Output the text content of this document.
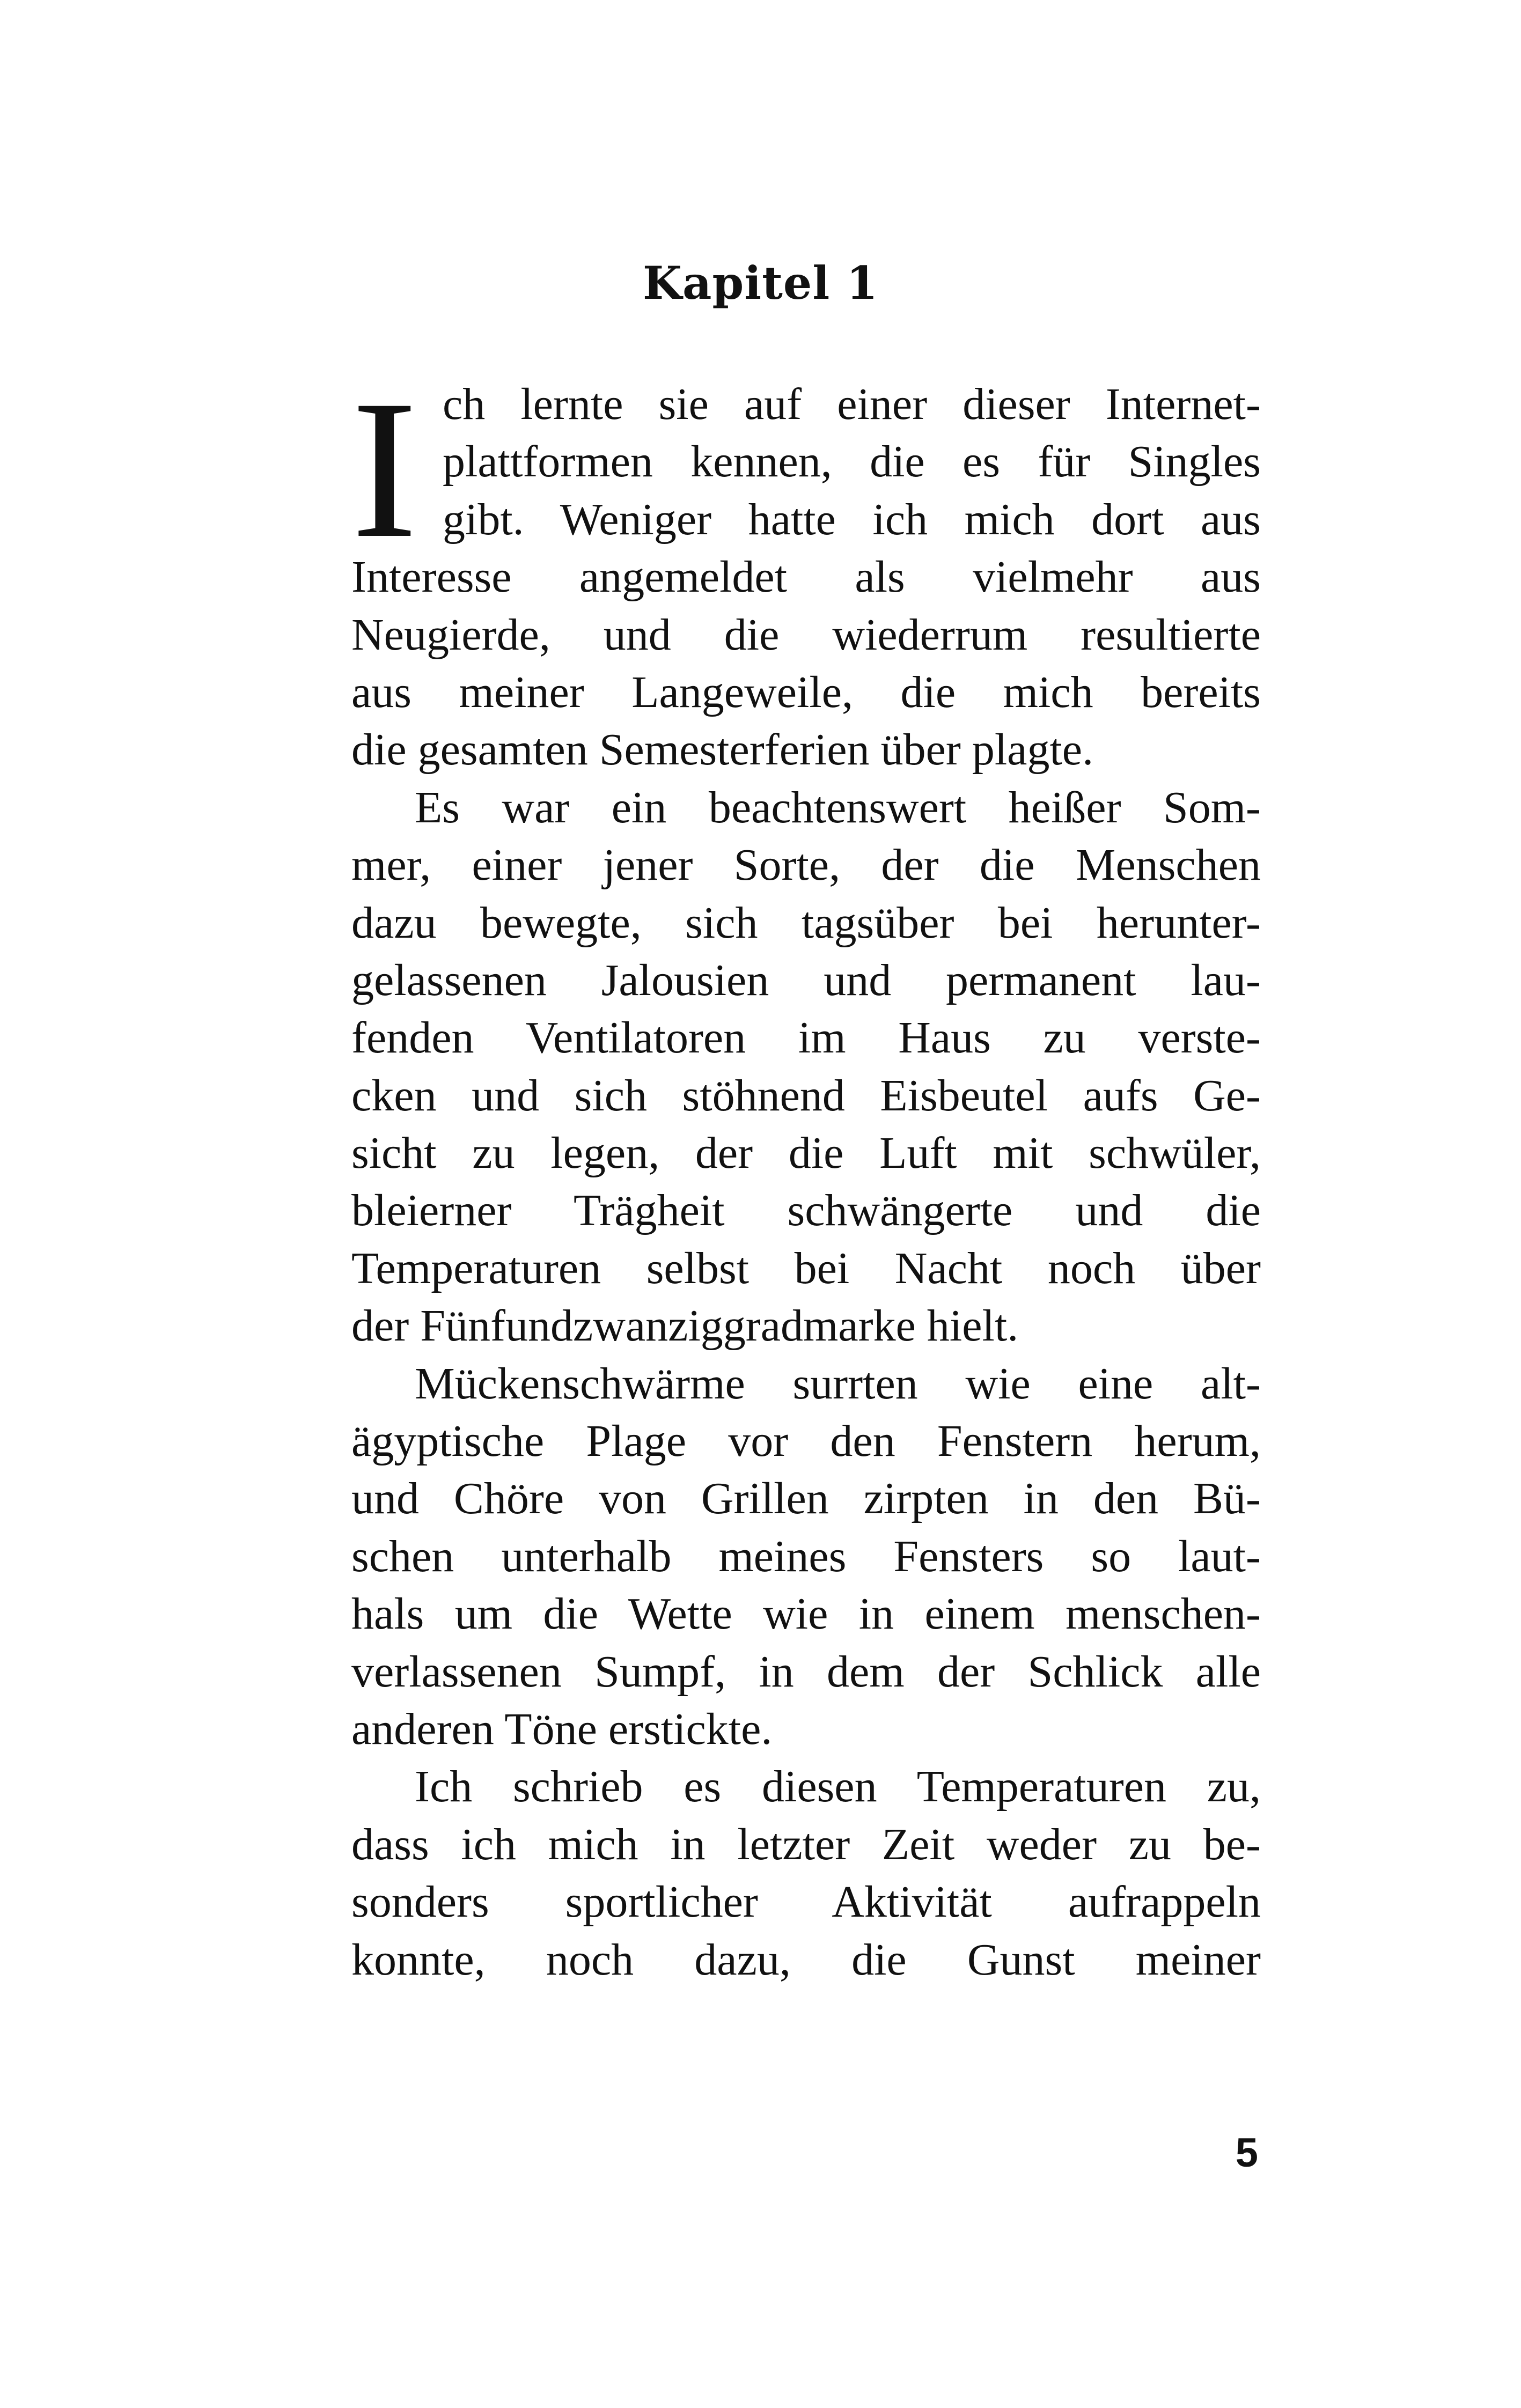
Kapitel 1
I ch lernte sie auf einer dieser Internet-
plattformen kennen, die es für Singles
gibt. Weniger hatte ich mich dort aus
Interesse angemeldet als vielmehr aus
Neugierde, und die wiederrum resultierte
aus meiner Langeweile, die mich bereits
die gesamten Semesterferien über plagte.
Es war ein beachtenswert heißer Som-
mer, einer jener Sorte, der die Menschen
dazu bewegte, sich tagsüber bei herunter-
gelassenen Jalousien und permanent lau-
fenden Ventilatoren im Haus zu verste-
cken und sich stöhnend Eisbeutel aufs Ge-
sicht zu legen, der die Luft mit schwüler,
bleierner Trägheit schwängerte und die
Temperaturen selbst bei Nacht noch über
der Fünfundzwanziggradmarke hielt.
Mückenschwärme surrten wie eine alt-
ägyptische Plage vor den Fenstern herum,
und Chöre von Grillen zirpten in den Bü-
schen unterhalb meines Fensters so laut-
hals um die Wette wie in einem menschen-
verlassenen Sumpf, in dem der Schlick alle
anderen Töne erstickte.
Ich schrieb es diesen Temperaturen zu,
dass ich mich in letzter Zeit weder zu be-
sonders sportlicher Aktivität aufrappeln
konnte, noch dazu, die Gunst meiner
5
